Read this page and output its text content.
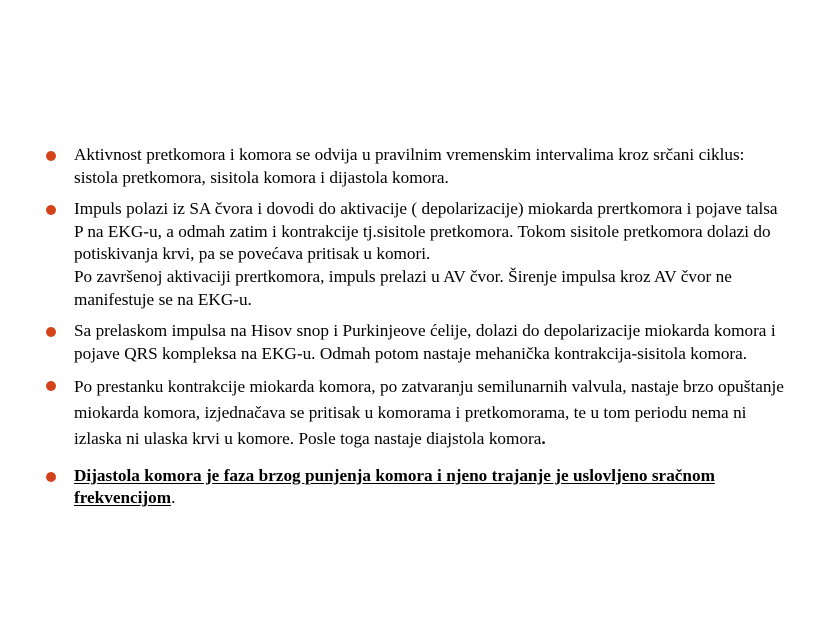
Aktivnost pretkomora i komora se odvija u pravilnim vremenskim intervalima kroz srčani ciklus: sistola pretkomora, sisitola komora i dijastola komora.
Impuls polazi iz SA čvora i dovodi do aktivacije ( depolarizacije) miokarda prertkomora i pojave talsa P na EKG-u, a odmah zatim i kontrakcije tj.sisitole pretkomora. Tokom sisitole pretkomora dolazi do potiskivanja krvi, pa se povećava pritisak u komori.
Po završenoj aktivaciji prertkomora, impuls prelazi u AV čvor. Širenje impulsa kroz AV čvor ne manifestuje se na EKG-u.
Sa prelaskom impulsa na Hisov snop i Purkinjeove ćelije, dolazi do depolarizacije miokarda komora i pojave QRS kompleksa na EKG-u. Odmah potom nastaje mehanička kontrakcija-sisitola komora.
Po prestanku kontrakcije miokarda komora, po zatvaranju semilunarnih valvula, nastaje brzo opuštanje miokarda komora, izjednačava se pritisak u komorama i pretkomorama, te u tom periodu nema ni izlaska ni ulaska krvi u komore. Posle toga nastaje diajstola komora.
Dijastola komora je faza brzog punjenja komora i njeno trajanje je uslovljeno sračnom frekvencijom.
